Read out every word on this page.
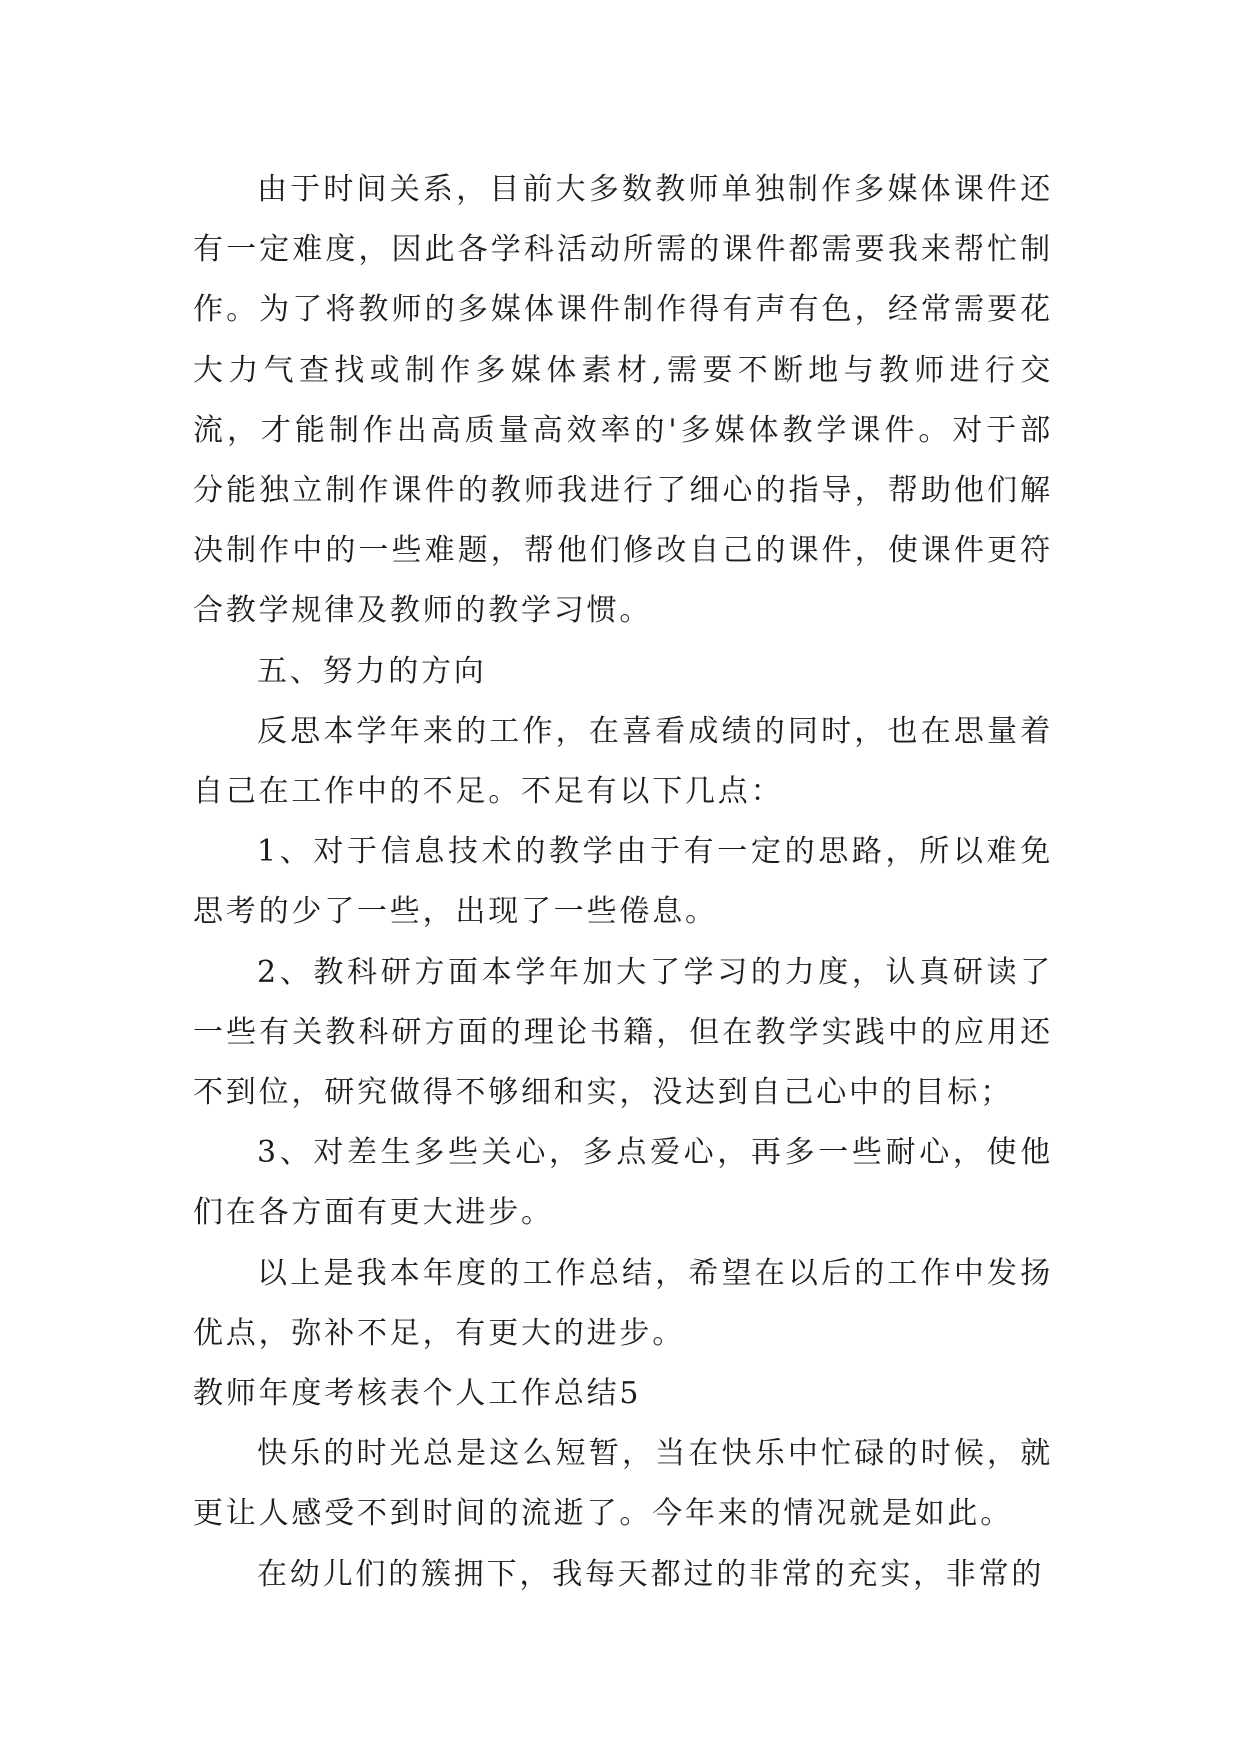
由于时间关系，目前大多数教师单独制作多媒体课件还有一定难度，因此各学科活动所需的课件都需要我来帮忙制作。为了将教师的多媒体课件制作得有声有色，经常需要花大力气查找或制作多媒体素材,需要不断地与教师进行交流，才能制作出高质量高效率的'多媒体教学课件。对于部分能独立制作课件的教师我进行了细心的指导，帮助他们解决制作中的一些难题，帮他们修改自己的课件，使课件更符合教学规律及教师的教学习惯。

五、努力的方向

反思本学年来的工作，在喜看成绩的同时，也在思量着自己在工作中的不足。不足有以下几点：

1、对于信息技术的教学由于有一定的思路，所以难免思考的少了一些，出现了一些倦息。

2、教科研方面本学年加大了学习的力度，认真研读了一些有关教科研方面的理论书籍，但在教学实践中的应用还不到位，研究做得不够细和实，没达到自己心中的目标；

3、对差生多些关心，多点爱心，再多一些耐心，使他们在各方面有更大进步。

以上是我本年度的工作总结，希望在以后的工作中发扬优点，弥补不足，有更大的进步。

教师年度考核表个人工作总结5

快乐的时光总是这么短暂，当在快乐中忙碌的时候，就更让人感受不到时间的流逝了。今年来的情况就是如此。

在幼儿们的簇拥下，我每天都过的非常的充实，非常的
